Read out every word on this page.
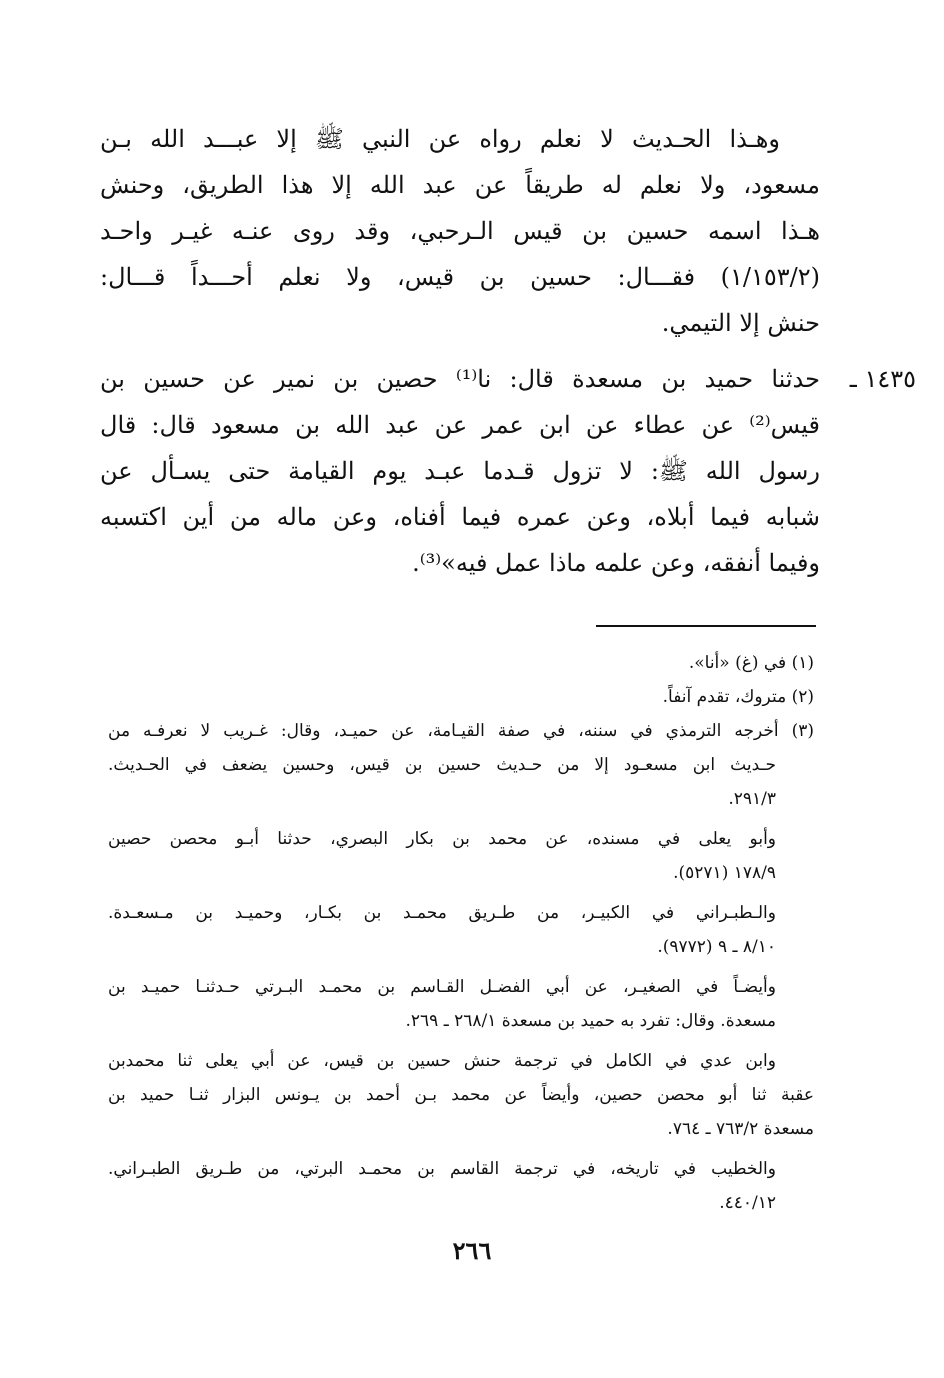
وهـذا الحـديث لا نعلم رواه عن النبي ﷺ إلا عبـــد الله بـن
مسعود، ولا نعلم له طريقاً عن عبد الله إلا هذا الطريق، وحنش
هـذا اسمه حسين بن قيس الـرحبي، وقد روى عنـه غيـر واحـد
(١/١٥٣/٢) فقـــال: حسين بن قيس، ولا نعلم أحـــداً قـــال:
حنش إلا التيمي.

١٤٣٥ ـ
حدثنا حميد بن مسعدة قال: نا⁽¹⁾ حصين بن نمير عن حسين بن
قيس⁽²⁾ عن عطاء عن ابن عمر عن عبد الله بن مسعود قال: قال
رسول الله ﷺ: لا تزول قـدما عبـد يوم القيامة حتى يسـأل عن
شبابه فيما أبلاه، وعن عمره فيما أفناه، وعن ماله من أين اكتسبه
وفيما أنفقه، وعن علمه ماذا عمل فيه»⁽³⁾.

(١) في (غ) «أنا».

(٢) متروك، تقدم آنفاً.

(٣) أخرجه الترمذي في سننه، في صفة القيـامة، عن حميـد، وقال: غـريب لا نعرفـه من
حـديث ابن مسعـود إلا من حـديث حسين بن قيس، وحسين يضعف في الحـديث.
٢٩١/٣.

وأبو يعلى في مسنده، عن محمد بن بكار البصري، حدثنا أبـو محصن حصين
١٧٨/٩ (٥٢٧١).

والـطبـراني في الكبيـر، من طـريق محمـد بن بكـار، وحميـد بن مـسعـدة.
٨/١٠ ـ ٩ (٩٧٧٢).

وأيضـاً في الصغيـر، عن أبي الفضـل القـاسم بن محمـد البـرتي حـدثنـا حميـد بن
مسعدة. وقال: تفرد به حميد بن مسعدة ٢٦٨/١ ـ ٢٦٩.

وابن عدي في الكامل في ترجمة حنش حسين بن قيس، عن أبي يعلى ثنا محمدبن
عقبة ثنا أبو محصن حصين، وأيضاً عن محمد بـن أحمد بن يـونس البزار ثنـا حميد بن
مسعدة ٧٦٣/٢ ـ ٧٦٤.

والخطيب في تاريخه، في ترجمة القاسم بن محمـد البرتي، من طـريق الطبـراني.
٤٤٠/١٢.

٢٦٦
